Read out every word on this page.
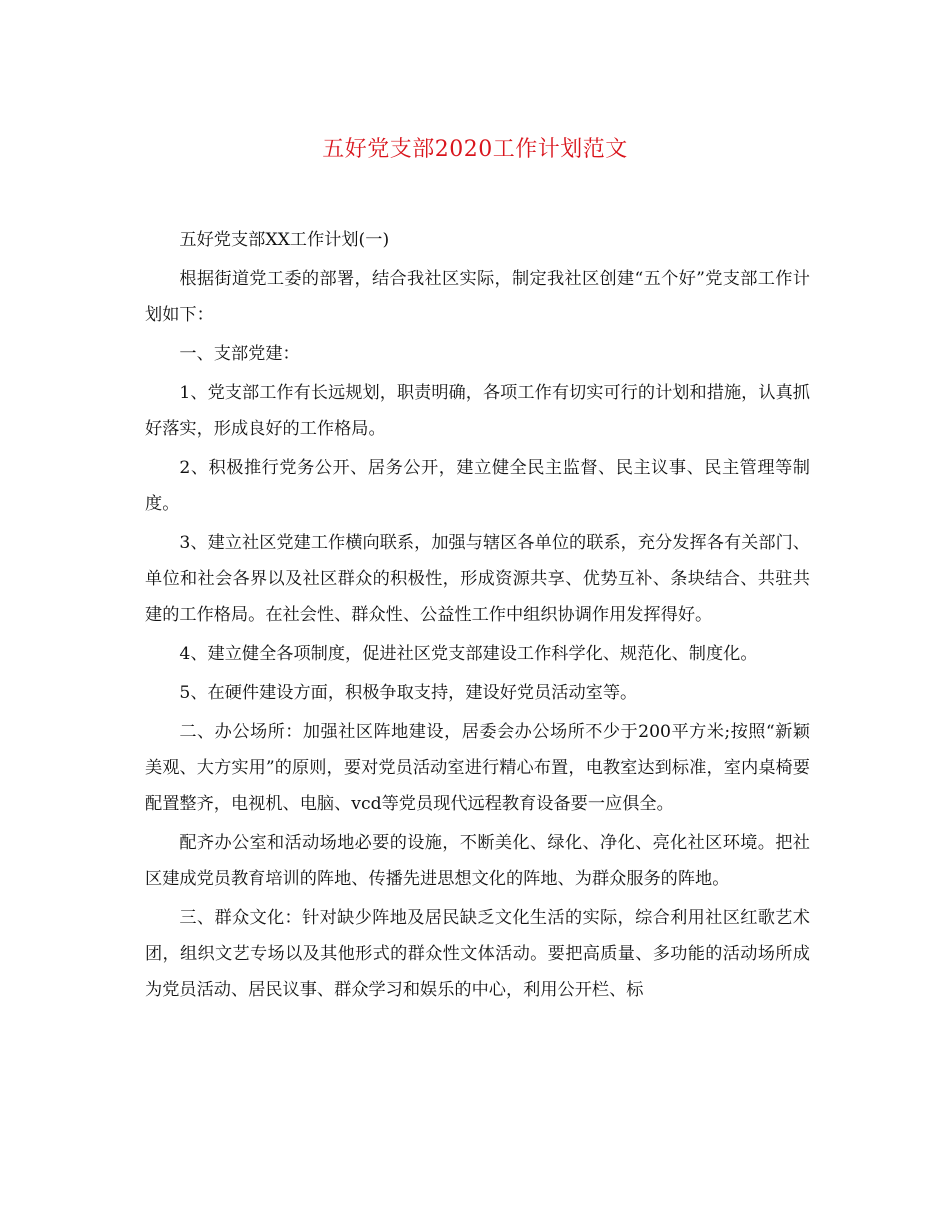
五好党支部2020工作计划范文

五好党支部XX工作计划(一)

根据街道党工委的部署，结合我社区实际，制定我社区创建“五个好”党支部工作计划如下：

一、支部党建：

1、党支部工作有长远规划，职责明确，各项工作有切实可行的计划和措施，认真抓好落实，形成良好的工作格局。

2、积极推行党务公开、居务公开，建立健全民主监督、民主议事、民主管理等制度。

3、建立社区党建工作横向联系，加强与辖区各单位的联系，充分发挥各有关部门、单位和社会各界以及社区群众的积极性，形成资源共享、优势互补、条块结合、共驻共建的工作格局。在社会性、群众性、公益性工作中组织协调作用发挥得好。

4、建立健全各项制度，促进社区党支部建设工作科学化、规范化、制度化。

5、在硬件建设方面，积极争取支持，建设好党员活动室等。

二、办公场所：加强社区阵地建设，居委会办公场所不少于200平方米;按照“新颖美观、大方实用”的原则，要对党员活动室进行精心布置，电教室达到标准，室内桌椅要配置整齐，电视机、电脑、vcd等党员现代远程教育设备要一应俱全。

配齐办公室和活动场地必要的设施，不断美化、绿化、净化、亮化社区环境。把社区建成党员教育培训的阵地、传播先进思想文化的阵地、为群众服务的阵地。

三、群众文化：针对缺少阵地及居民缺乏文化生活的实际，综合利用社区红歌艺术团，组织文艺专场以及其他形式的群众性文体活动。要把高质量、多功能的活动场所成为党员活动、居民议事、群众学习和娱乐的中心，利用公开栏、标
